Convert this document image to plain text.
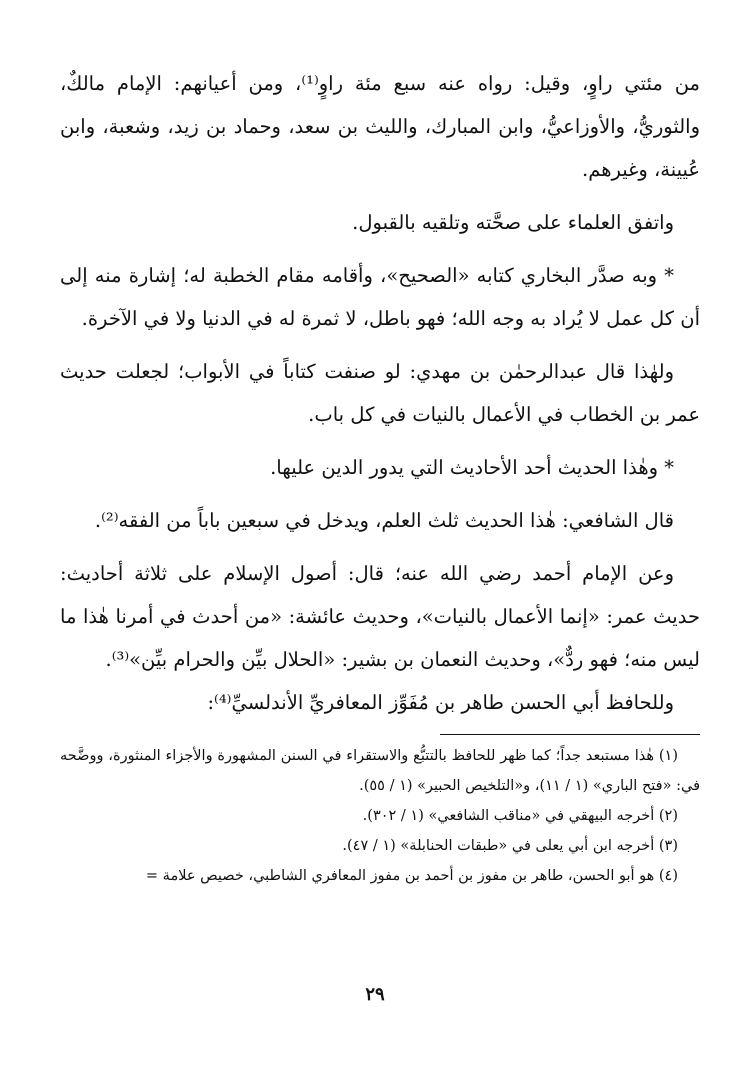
من مئتي راوٍ، وقيل: رواه عنه سبع مئة راوٍ⁽¹⁾، ومن أعيانهم: الإمام مالكٌ، والثوريُّ، والأوزاعيُّ، وابن المبارك، والليث بن سعد، وحماد بن زيد، وشعبة، وابن عُيينة، وغيرهم.

واتفق العلماء على صحَّته وتلقيه بالقبول.

* وبه صدَّر البخاري كتابه «الصحيح»، وأقامه مقام الخطبة له؛ إشارة منه إلى أن كل عمل لا يُراد به وجه الله؛ فهو باطل، لا ثمرة له في الدنيا ولا في الآخرة.

ولهٰذا قال عبدالرحمٰن بن مهدي: لو صنفت كتاباً في الأبواب؛ لجعلت حديث عمر بن الخطاب في الأعمال بالنيات في كل باب.

* وهٰذا الحديث أحد الأحاديث التي يدور الدين عليها.

قال الشافعي: هٰذا الحديث ثلث العلم، ويدخل في سبعين باباً من الفقه⁽²⁾.

وعن الإمام أحمد رضي الله عنه؛ قال: أصول الإسلام على ثلاثة أحاديث: حديث عمر: «إنما الأعمال بالنيات»، وحديث عائشة: «من أحدث في أمرنا هٰذا ما ليس منه؛ فهو ردٌّ»، وحديث النعمان بن بشير: «الحلال بيِّن والحرام بيِّن»⁽³⁾.

وللحافظ أبي الحسن طاهر بن مُفَوِّز المعافريِّ الأندلسيِّ⁽⁴⁾:

(١) هٰذا مستبعد جداً؛ كما ظهر للحافظ بالتتبُّع والاستقراء في السنن المشهورة والأجزاء المنثورة، ووضَّحه في: «فتح الباري» (١ / ١١)، و«التلخيص الحبير» (١ / ٥٥).

(٢) أخرجه البيهقي في «مناقب الشافعي» (١ / ٣٠٢).

(٣) أخرجه ابن أبي يعلى في «طبقات الحنابلة» (١ / ٤٧).

(٤) هو أبو الحسن، طاهر بن مفوز بن أحمد بن مفوز المعافري الشاطبي، خصيص علامة =

٢٩
